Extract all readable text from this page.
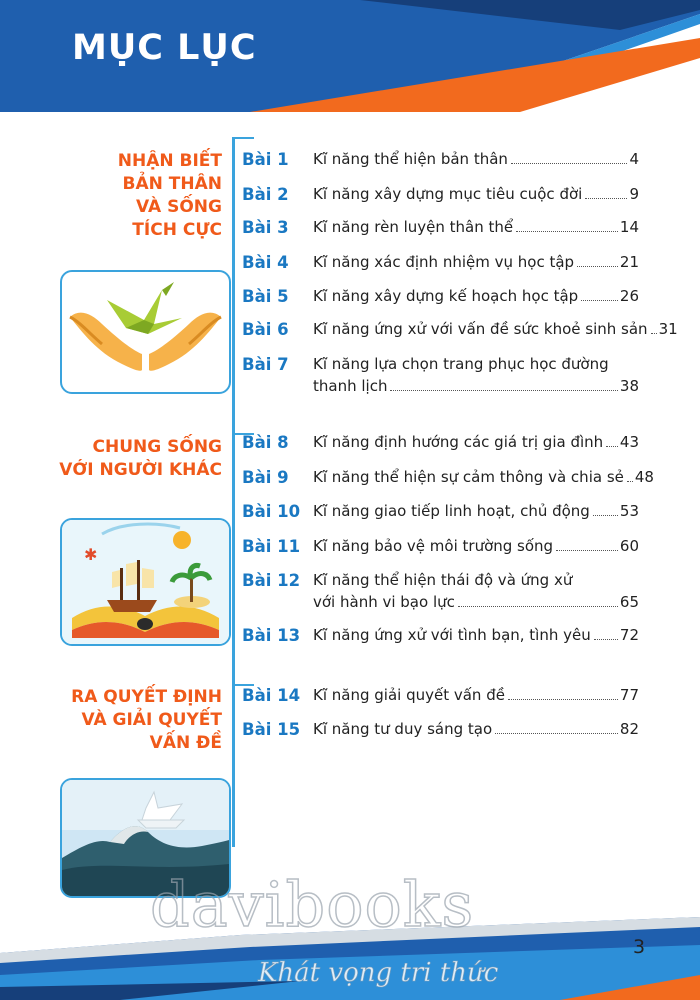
MỤC LỤC
NHẬN BIẾT
BẢN THÂN
VÀ SỐNG
TÍCH CỰC
CHUNG SỐNG
VỚI NGƯỜI KHÁC
RA QUYẾT ĐỊNH
VÀ GIẢI QUYẾT
VẤN ĐỀ
✱
Bài 1 Kĩ năng thể hiện bản thân	4
Bài 2 Kĩ năng xây dựng mục tiêu cuộc đời	9
Bài 3 Kĩ năng rèn luyện thân thể	14
Bài 4 Kĩ năng xác định nhiệm vụ học tập	21
Bài 5 Kĩ năng xây dựng kế hoạch học tập	26
Bài 6 Kĩ năng ứng xử với vấn đề sức khoẻ sinh sản 31
Bài 7 Kĩ năng lựa chọn trang phục học đường
thanh lịch	38
Bài 8 Kĩ năng định hướng các giá trị gia đình 43
Bài 9 Kĩ năng thể hiện sự cảm thông và chia sẻ 48
Bài 10 Kĩ năng giao tiếp linh hoạt, chủ động 53
Bài 11 Kĩ năng bảo vệ môi trường sống	60
Bài 12 Kĩ năng thể hiện thái độ và ứng xử
với hành vi bạo lực	65
Bài 13 Kĩ năng ứng xử với tình bạn, tình yêu 72
Bài 14 Kĩ năng giải quyết vấn đề	77
Bài 15 Kĩ năng tư duy sáng tạo	82
davibooks
Khát vọng tri thức
3
